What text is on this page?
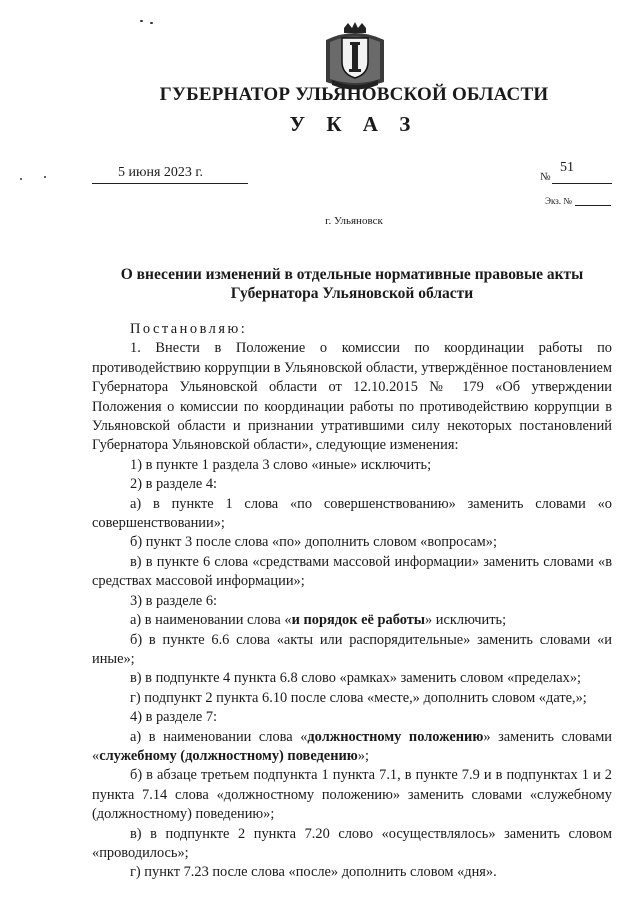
ГУБЕРНАТОР УЛЬЯНОВСКОЙ ОБЛАСТИ
У К А З
5 июня 2023 г.	№
51
Экз. №
г. Ульяновск
О внесении изменений в отдельные нормативные правовые акты
Губернатора Ульяновской области

Постановляю:

1. Внести в Положение о комиссии по координации работы по противодействию коррупции в Ульяновской области, утверждённое постановлением Губернатора Ульяновской области от 12.10.2015 № 179 «Об утверждении Положения о комиссии по координации работы по противодействию коррупции в Ульяновской области и признании утратившими силу некоторых постановлений Губернатора Ульяновской области», следующие изменения:

1) в пункте 1 раздела 3 слово «иные» исключить;

2) в разделе 4:

а) в пункте 1 слова «по совершенствованию» заменить словами «о совершенствовании»;

б) пункт 3 после слова «по» дополнить словом «вопросам»;

в) в пункте 6 слова «средствами массовой информации» заменить словами «в средствах массовой информации»;

3) в разделе 6:

а) в наименовании слова «и порядок её работы» исключить;

б) в пункте 6.6 слова «акты или распорядительные» заменить словами «и иные»;

в) в подпункте 4 пункта 6.8 слово «рамках» заменить словом «пределах»;

г) подпункт 2 пункта 6.10 после слова «месте,» дополнить словом «дате,»;

4) в разделе 7:

а) в наименовании слова «должностному положению» заменить словами «служебному (должностному) поведению»;

б) в абзаце третьем подпункта 1 пункта 7.1, в пункте 7.9 и в подпунктах 1 и 2 пункта 7.14 слова «должностному положению» заменить словами «служебному (должностному) поведению»;

в) в подпункте 2 пункта 7.20 слово «осуществлялось» заменить словом «проводилось»;

г) пункт 7.23 после слова «после» дополнить словом «дня».
